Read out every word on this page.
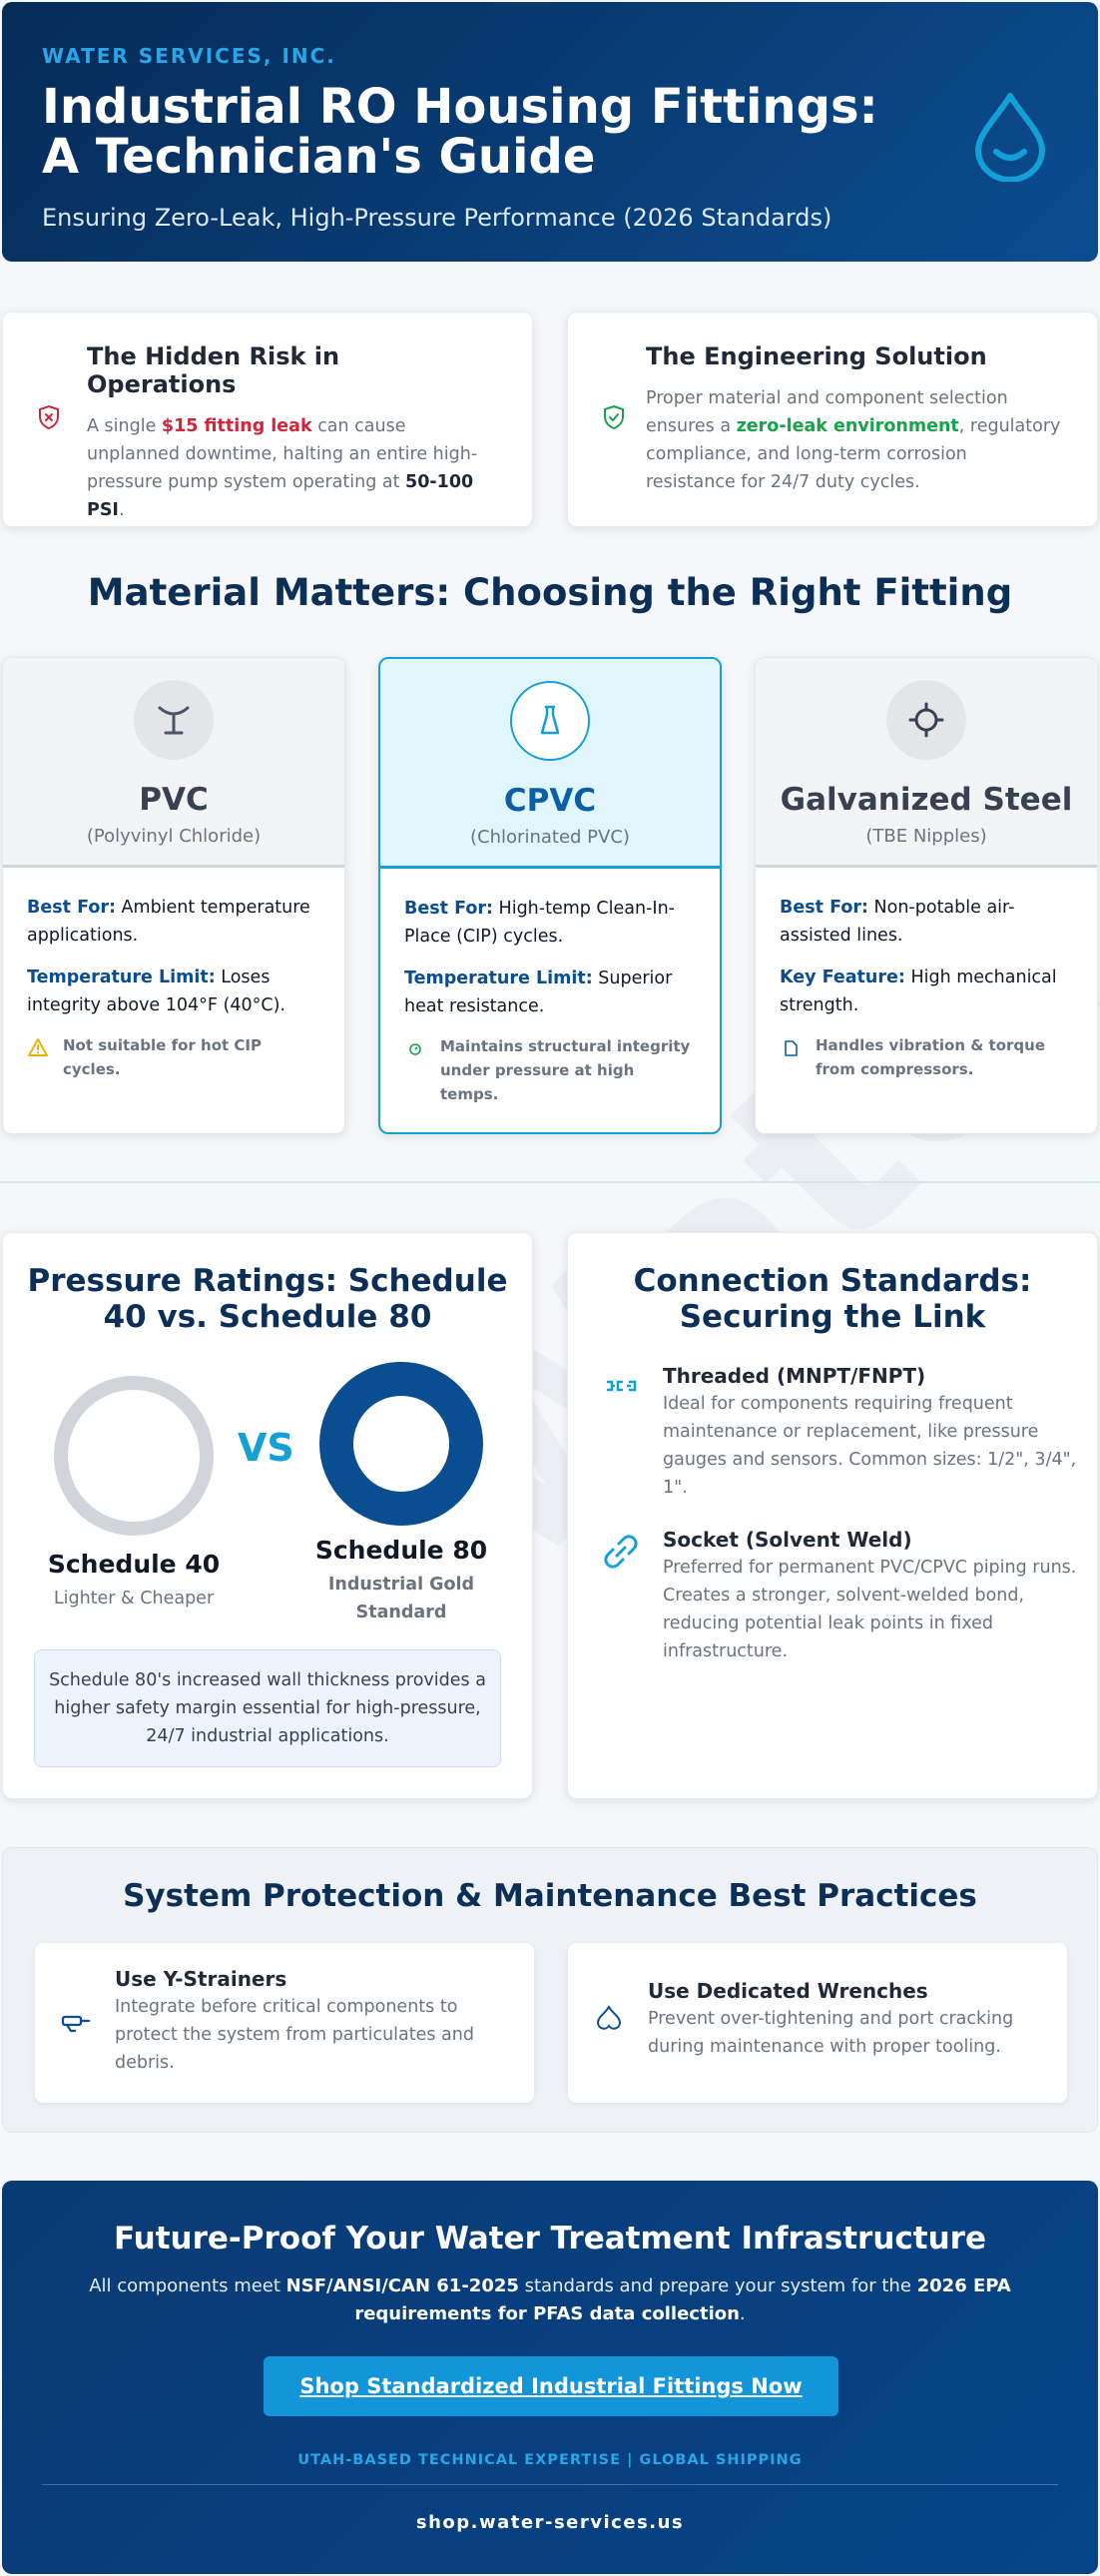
WATER SERVICES, INC.
Industrial RO Housing Fittings: A Technician's Guide
Ensuring Zero-Leak, High-Pressure Performance (2026 Standards)
The Hidden Risk in Operations

A single $15 fitting leak can cause unplanned downtime, halting an entire high-pressure pump system operating at 50-100 PSI.

The Engineering Solution

Proper material and component selection ensures a zero-leak environment, regulatory compliance, and long-term corrosion resistance for 24/7 duty cycles.

Material Matters: Choosing the Right Fitting
PVC
(Polyvinyl Chloride)

Best For: Ambient temperature applications.

Temperature Limit: Loses integrity above 104°F (40°C).

Not suitable for hot CIP cycles.
CPVC
(Chlorinated PVC)

Best For: High-temp Clean-In-Place (CIP) cycles.

Temperature Limit: Superior heat resistance.

Maintains structural integrity under pressure at high temps.
Galvanized Steel
(TBE Nipples)

Best For: Non-potable air-assisted lines.

Key Feature: High mechanical strength.

Handles vibration & torque from compressors.
Pressure Ratings: Schedule 40 vs. Schedule 80
VS
Schedule 40
Lighter & Cheaper
Schedule 80
Industrial Gold Standard
Schedule 80's increased wall thickness provides a higher safety margin essential for high-pressure, 24/7 industrial applications.
Connection Standards: Securing the Link
Threaded (MNPT/FNPT)

Ideal for components requiring frequent maintenance or replacement, like pressure gauges and sensors. Common sizes: 1/2", 3/4", 1".

Socket (Solvent Weld)

Preferred for permanent PVC/CPVC piping runs. Creates a stronger, solvent-welded bond, reducing potential leak points in fixed infrastructure.

System Protection & Maintenance Best Practices
Use Y-Strainers

Integrate before critical components to protect the system from particulates and debris.

Use Dedicated Wrenches

Prevent over-tightening and port cracking during maintenance with proper tooling.

Future-Proof Your Water Treatment Infrastructure
All components meet NSF/ANSI/CAN 61-2025 standards and prepare your system for the 2026 EPA requirements for PFAS data collection.
Shop Standardized Industrial Fittings Now
UTAH-BASED TECHNICAL EXPERTISE | GLOBAL SHIPPING
shop.water-services.us
